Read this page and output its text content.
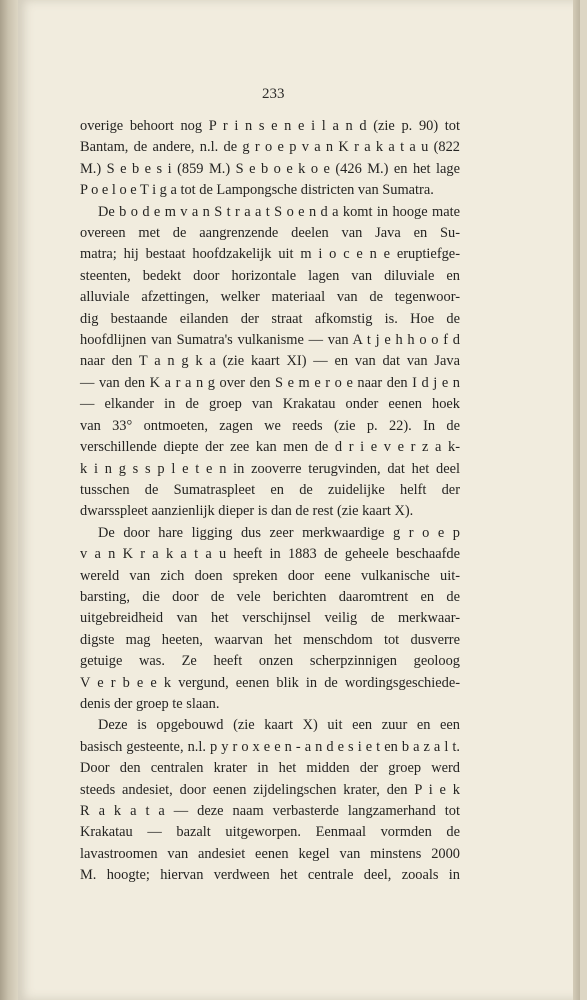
233
overige behoort nog P r i n s e n e i l a n d (zie p. 90) tot
Bantam, de andere, n.l. de g r o e p v a n K r a k a t a u (822
M.) S e b e s i (859 M.) S e b o e k o e (426 M.) en het lage
P o e l o e T i g a tot de Lampongsche districten van Sumatra.
De b o d e m v a n S t r a a t S o e n d a komt in hooge mate
overeen met de aangrenzende deelen van Java en Su-
matra; hij bestaat hoofdzakelijk uit m i o c e n e eruptiefge-
steenten, bedekt door horizontale lagen van diluviale en
alluviale afzettingen, welker materiaal van de tegenwoor-
dig bestaande eilanden der straat afkomstig is. Hoe de
hoofdlijnen van Sumatra's vulkanisme — van A t j e h h o o f d
naar den T a n g k a (zie kaart XI) — en van dat van Java
— van den K a r a n g over den S e m e r o e naar den I d j e n
— elkander in de groep van Krakatau onder eenen hoek
van 33° ontmoeten, zagen we reeds (zie p. 22). In de
verschillende diepte der zee kan men de d r i e v e r z a k-
k i n g s s p l e t e n in zooverre terugvinden, dat het deel
tusschen de Sumatraspleet en de zuidelijke helft der
dwarsspleet aanzienlijk dieper is dan de rest (zie kaart X).
De door hare ligging dus zeer merkwaardige g r o e p
v a n K r a k a t a u heeft in 1883 de geheele beschaafde
wereld van zich doen spreken door eene vulkanische uit-
barsting, die door de vele berichten daaromtrent en de
uitgebreidheid van het verschijnsel veilig de merkwaar-
digste mag heeten, waarvan het menschdom tot dusverre
getuige was. Ze heeft onzen scherpzinnigen geoloog
V e r b e e k vergund, eenen blik in de wordingsgeschiede-
denis der groep te slaan.
Deze is opgebouwd (zie kaart X) uit een zuur en een
basisch gesteente, n.l. p y r o x e e n - a n d e s i e t en b a z a l t.
Door den centralen krater in het midden der groep werd
steeds andesiet, door eenen zijdelingschen krater, den P i e k
R a k a t a — deze naam verbasterde langzamerhand tot
Krakatau — bazalt uitgeworpen. Eenmaal vormden de
lavastroomen van andesiet eenen kegel van minstens 2000
M. hoogte; hiervan verdween het centrale deel, zooals in
